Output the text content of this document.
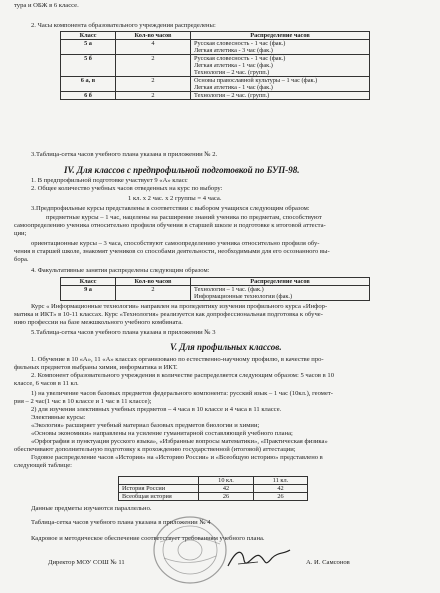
тура и ОБЖ в 6 классе.
2. Часы компонента образовательного учреждения распределены:
Класс	Кол-во часов	Распределение часов
5 а	4	Русская словесность - 1 час (фак.)
Легкая атлетика - 3 час (фак.)

5 б	2	Русская словесность - 1 час (фак.)
Легкая атлетика - 1 час (фак.)
Технология – 2 час. (групп.)

6 а, в	2	Основы православной культуры – 1 час (фак.)
Легкая атлетика - 1 час (фак.)

6 б	2	Технология – 2 час. (групп.)
3.Таблица-сетка часов учебного плана указана в приложении № 2.
IV. Для классов с предпрофильной подготовкой по БУП-98.
1. В предпрофильной подготовке участвует 9 «А» класс
2. Общее количество учебных часов отведенных на курс по выбору:
1 кл. х 2 час. х 2 группы = 4 часа.
3.Предпрофильные курсы представлены в соответствии с выбором учащихся следующим образом:
предметные курсы – 1 час, нацелены на расширение знаний ученика по предметам, способствуют
самоопределению ученика относительно профиля обучения в старшей школе и подготовке к итоговой аттеста-
ции;
ориентационные курсы – 3 часа, способствуют самоопределению ученика относительно профиля обу-
чения в старшей школе, знакомят учеников со способами деятельности, необходимыми для его осознанного вы-
бора.
4. Факультативные занятия распределены следующим образом:
Класс	Кол-во часов	Распределение часов
9 а	2	Технология – 1 час. (фак.)
Информационные технологии (фак.)
Курс « Информационные технологии» направлен на пропедевтику изучения профильного курса «Инфор-
матика и ИКТ» в 10-11 классах. Курс «Технология» реализуется как допрофессиональная подготовка к обуче-
нию профессии на базе межшкольного учебного комбината.
5.Таблица-сетка часов учебного плана указана в приложении № 3
V. Для профильных классов.
1. Обучение в 10 «А», 11 «А» классах организовано по естественно-научному профилю, в качестве про-
фильных предметов выбраны химия, информатика и ИКТ.
2. Компонент образовательного учреждения в количестве распределяется следующим образом: 5 часов в 10
классе, 6 часов в 11 кл.
1) на увеличение часов базовых предметов федерального компонента: русский язык – 1 час (10кл.), геомет-
рия – 2 час(1 час в 10 классе и 1 час в 11 классе);
2) для изучения элективных учебных предметов – 4 часа в 10 классе и 4 часа в 11 классе.
Элективные курсы:
«Экология» расширяет учебный материал базовых предметов биологии и химии;
«Основы экономики» направлены на усиление гуманитарной составляющей учебного плана;
«Орфография и пунктуация русского языка», «Избранные вопросы математики», «Практическая физика»
обеспечивают дополнительную подготовку к прохождению государственной (итоговой) аттестации;
Годовое распределение часов «История» на «Историю России» и «Всеобщую историю» представлено в
следующей таблице:
	10 кл.	11 кл.
История России	42	42
Всеобщая история	26	26
Данные предметы изучаются параллельно.
Таблица-сетка часов учебного плана указана в приложении № 4
Кадровое и методическое обеспечение соответствует требованиям учебного плана.
Директор МОУ СОШ № 11	А. И. Самсонов
